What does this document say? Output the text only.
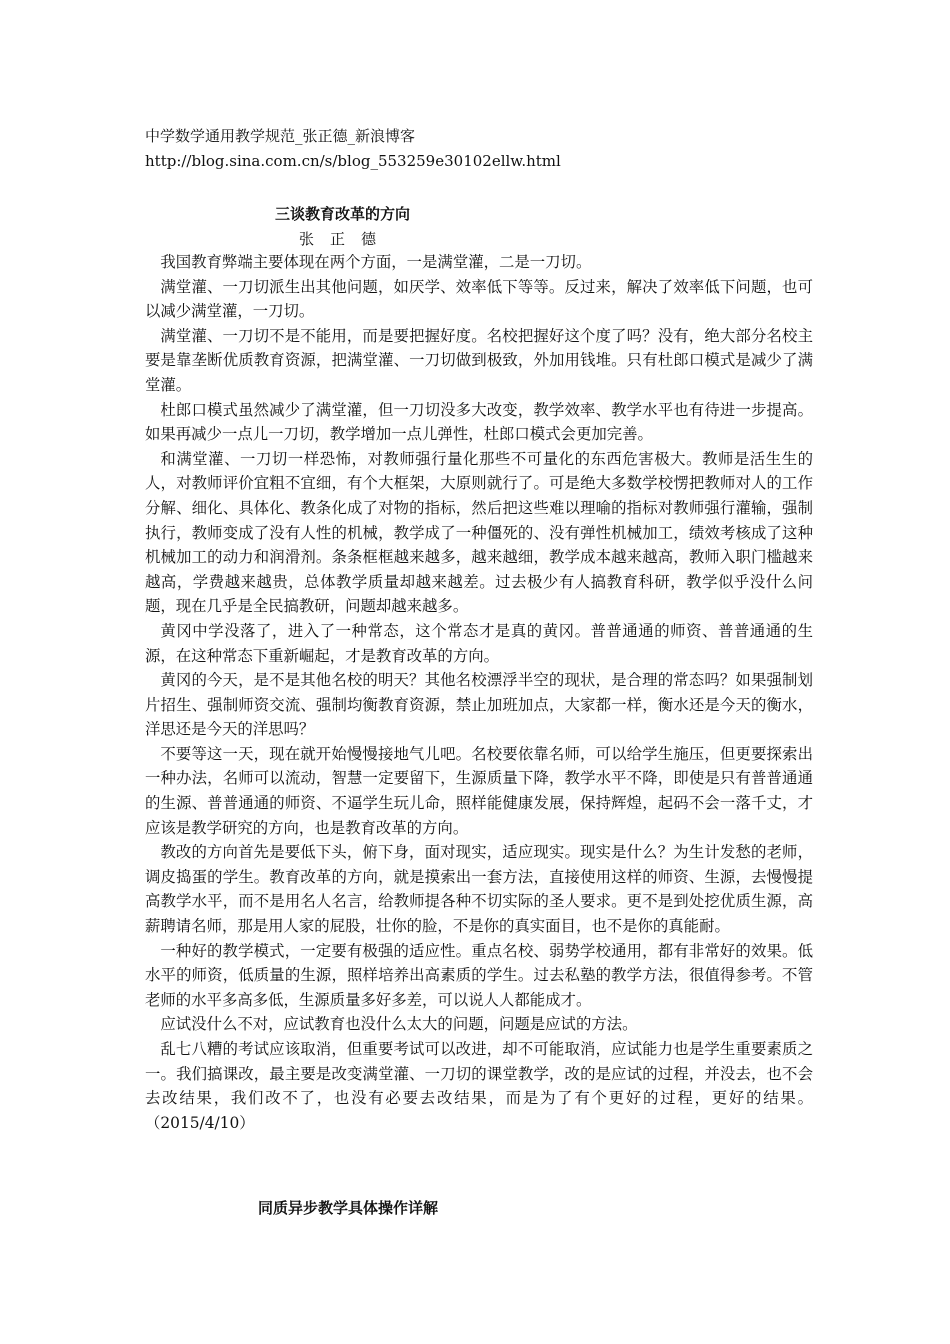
中学数学通用教学规范_张正德_新浪博客
http://blog.sina.com.cn/s/blog_553259e30102ellw.html
三谈教育改革的方向
张正德

我国教育弊端主要体现在两个方面，一是满堂灌，二是一刀切。

满堂灌、一刀切派生出其他问题，如厌学、效率低下等等。反过来，解决了效率低下问题，也可以减少满堂灌，一刀切。

满堂灌、一刀切不是不能用，而是要把握好度。名校把握好这个度了吗？没有，绝大部分名校主要是靠垄断优质教育资源，把满堂灌、一刀切做到极致，外加用钱堆。只有杜郎口模式是减少了满堂灌。

杜郎口模式虽然减少了满堂灌，但一刀切没多大改变，教学效率、教学水平也有待进一步提高。如果再减少一点儿一刀切，教学增加一点儿弹性，杜郎口模式会更加完善。

和满堂灌、一刀切一样恐怖，对教师强行量化那些不可量化的东西危害极大。教师是活生生的人，对教师评价宜粗不宜细，有个大框架，大原则就行了。可是绝大多数学校愣把教师对人的工作分解、细化、具体化、教条化成了对物的指标，然后把这些难以理喻的指标对教师强行灌输，强制执行，教师变成了没有人性的机械，教学成了一种僵死的、没有弹性机械加工，绩效考核成了这种机械加工的动力和润滑剂。条条框框越来越多，越来越细，教学成本越来越高，教师入职门槛越来越高，学费越来越贵，总体教学质量却越来越差。过去极少有人搞教育科研，教学似乎没什么问题，现在几乎是全民搞教研，问题却越来越多。

黄冈中学没落了，进入了一种常态，这个常态才是真的黄冈。普普通通的师资、普普通通的生源，在这种常态下重新崛起，才是教育改革的方向。

黄冈的今天，是不是其他名校的明天？其他名校漂浮半空的现状，是合理的常态吗？如果强制划片招生、强制师资交流、强制均衡教育资源，禁止加班加点，大家都一样，衡水还是今天的衡水，洋思还是今天的洋思吗？

不要等这一天，现在就开始慢慢接地气儿吧。名校要依靠名师，可以给学生施压，但更要探索出一种办法，名师可以流动，智慧一定要留下，生源质量下降，教学水平不降，即使是只有普普通通的生源、普普通通的师资、不逼学生玩儿命，照样能健康发展，保持辉煌，起码不会一落千丈，才应该是教学研究的方向，也是教育改革的方向。

教改的方向首先是要低下头，俯下身，面对现实，适应现实。现实是什么？为生计发愁的老师，调皮捣蛋的学生。教育改革的方向，就是摸索出一套方法，直接使用这样的师资、生源，去慢慢提高教学水平，而不是用名人名言，给教师提各种不切实际的圣人要求。更不是到处挖优质生源，高薪聘请名师，那是用人家的屁股，壮你的脸，不是你的真实面目，也不是你的真能耐。

一种好的教学模式，一定要有极强的适应性。重点名校、弱势学校通用，都有非常好的效果。低水平的师资，低质量的生源，照样培养出高素质的学生。过去私塾的教学方法，很值得参考。不管老师的水平多高多低，生源质量多好多差，可以说人人都能成才。

应试没什么不对，应试教育也没什么太大的问题，问题是应试的方法。

乱七八糟的考试应该取消，但重要考试可以改进，却不可能取消，应试能力也是学生重要素质之一。我们搞课改，最主要是改变满堂灌、一刀切的课堂教学，改的是应试的过程，并没去，也不会去改结果，我们改不了，也没有必要去改结果，而是为了有个更好的过程，更好的结果。（2015/4/10）

同质异步教学具体操作详解
